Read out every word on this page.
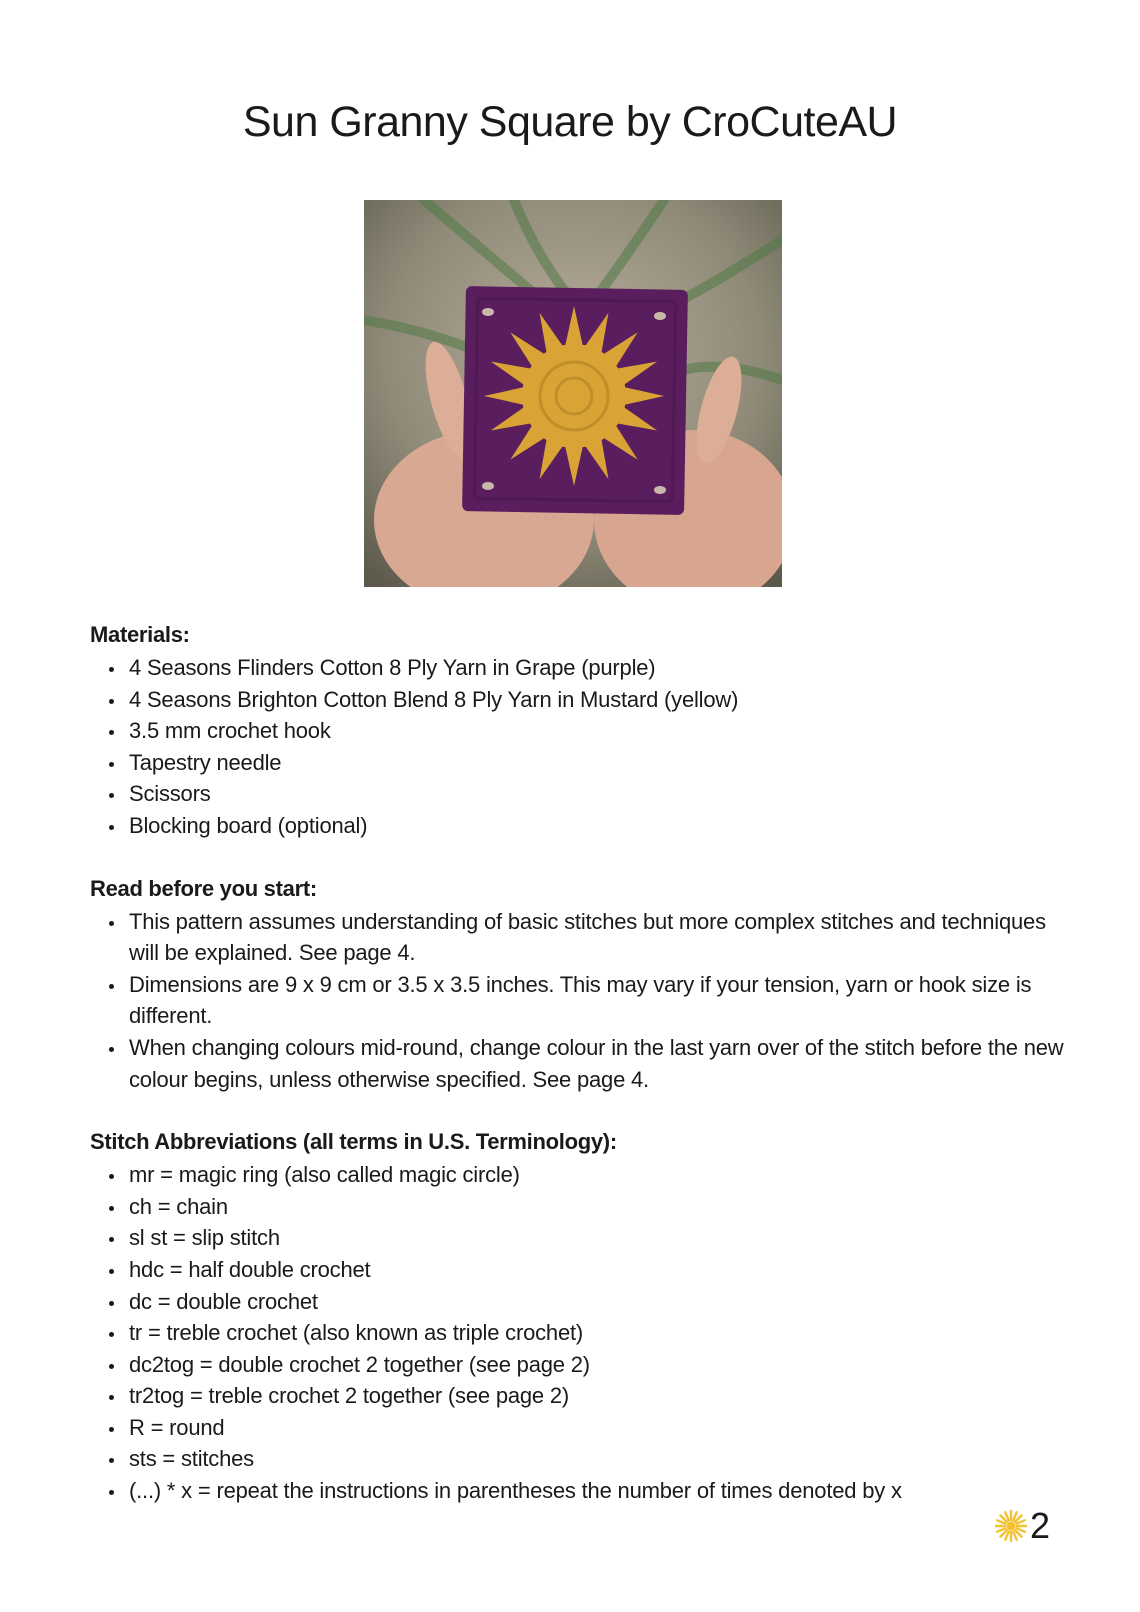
Sun Granny Square by CroCuteAU
Materials:
4 Seasons Flinders Cotton 8 Ply Yarn in Grape (purple)
4 Seasons Brighton Cotton Blend 8 Ply Yarn in Mustard (yellow)
3.5 mm crochet hook
Tapestry needle
Scissors
Blocking board (optional)
Read before you start:
This pattern assumes understanding of basic stitches but more complex stitches and techniques will be explained. See page 4.
Dimensions are 9 x 9 cm or 3.5 x 3.5 inches. This may vary if your tension, yarn or hook size is different.
When changing colours mid-round, change colour in the last yarn over of the stitch before the new colour begins, unless otherwise specified. See page 4.
Stitch Abbreviations (all terms in U.S. Terminology):
mr = magic ring (also called magic circle)
ch = chain
sl st = slip stitch
hdc = half double crochet
dc = double crochet
tr = treble crochet (also known as triple crochet)
dc2tog = double crochet 2 together (see page 2)
tr2tog = treble crochet 2 together (see page 2)
R = round
sts = stitches
(...) * x = repeat the instructions in parentheses the number of times denoted by x
2
